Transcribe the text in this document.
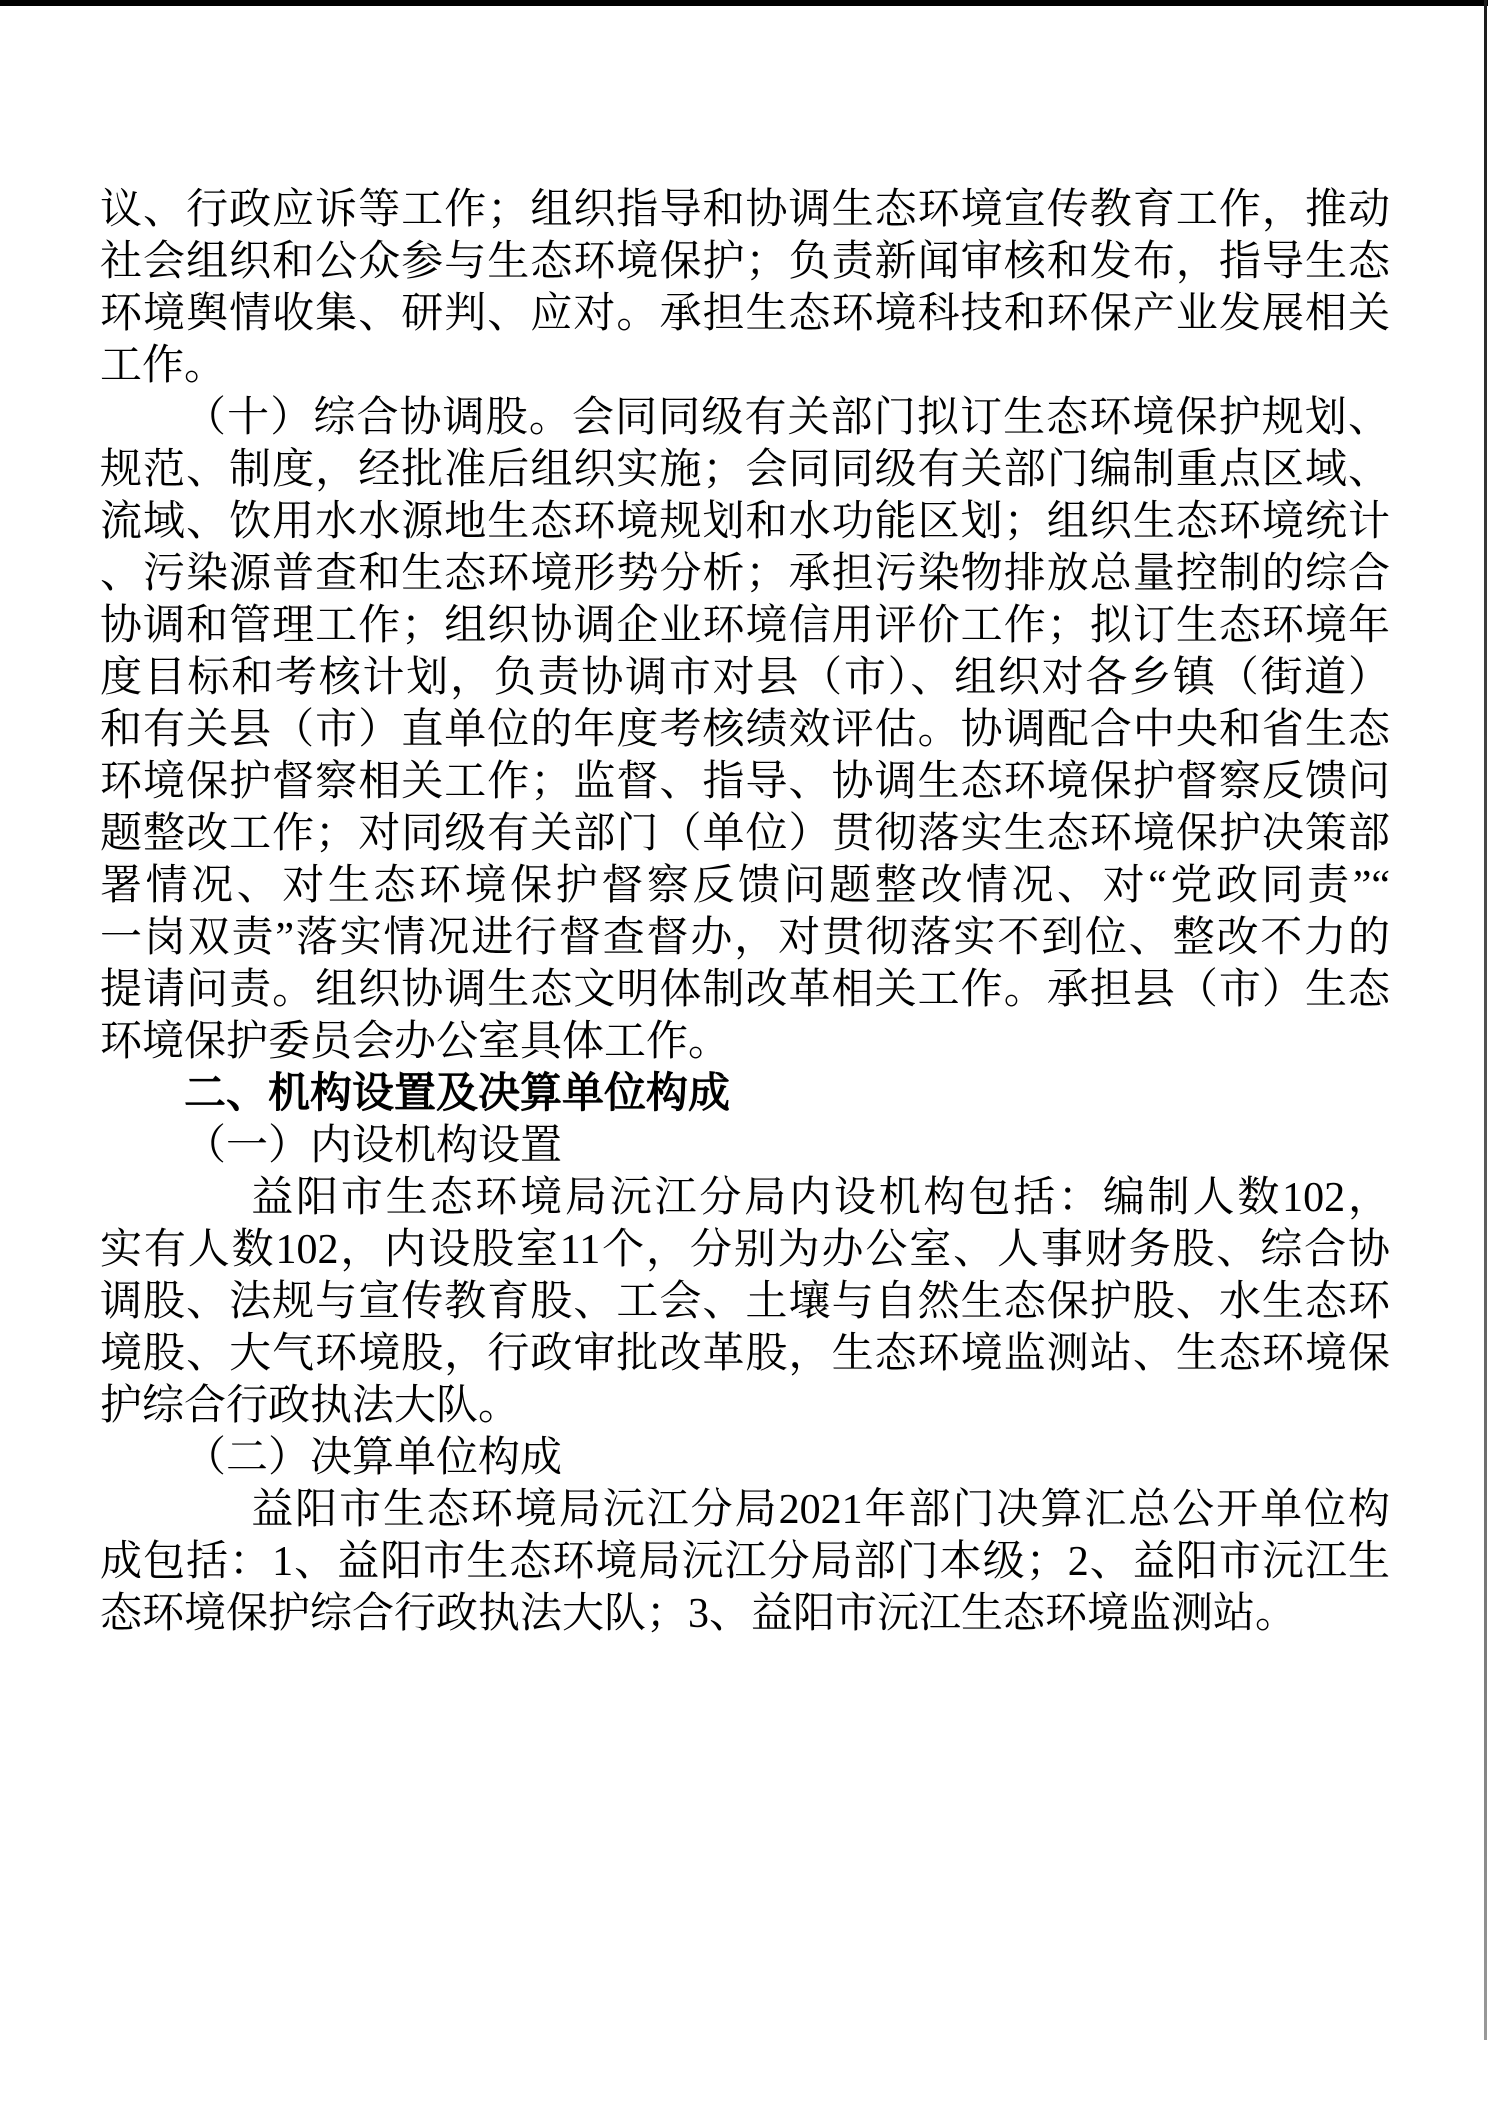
议、行政应诉等工作；组织指导和协调生态环境宣传教育工作，推动
社会组织和公众参与生态环境保护；负责新闻审核和发布，指导生态
环境舆情收集、研判、应对。承担生态环境科技和环保产业发展相关
工作。
（十）综合协调股。会同同级有关部门拟订生态环境保护规划、
规范、制度，经批准后组织实施；会同同级有关部门编制重点区域、
流域、饮用水水源地生态环境规划和水功能区划；组织生态环境统计
、污染源普查和生态环境形势分析；承担污染物排放总量控制的综合
协调和管理工作；组织协调企业环境信用评价工作；拟订生态环境年
度目标和考核计划，负责协调市对县（市）、组织对各乡镇（街道）
和有关县（市）直单位的年度考核绩效评估。协调配合中央和省生态
环境保护督察相关工作；监督、指导、协调生态环境保护督察反馈问
题整改工作；对同级有关部门（单位）贯彻落实生态环境保护决策部
署情况、对生态环境保护督察反馈问题整改情况、对“党政同责”“
一岗双责”落实情况进行督查督办，对贯彻落实不到位、整改不力的
提请问责。组织协调生态文明体制改革相关工作。承担县（市）生态
环境保护委员会办公室具体工作。
二、机构设置及决算单位构成
（一）内设机构设置
益阳市生态环境局沅江分局内设机构包括：编制人数102，
实有人数102，内设股室11个，分别为办公室、人事财务股、综合协
调股、法规与宣传教育股、工会、土壤与自然生态保护股、水生态环
境股、大气环境股，行政审批改革股，生态环境监测站、生态环境保
护综合行政执法大队。
（二）决算单位构成
益阳市生态环境局沅江分局2021年部门决算汇总公开单位构
成包括：1、益阳市生态环境局沅江分局部门本级；2、益阳市沅江生
态环境保护综合行政执法大队；3、益阳市沅江生态环境监测站。
